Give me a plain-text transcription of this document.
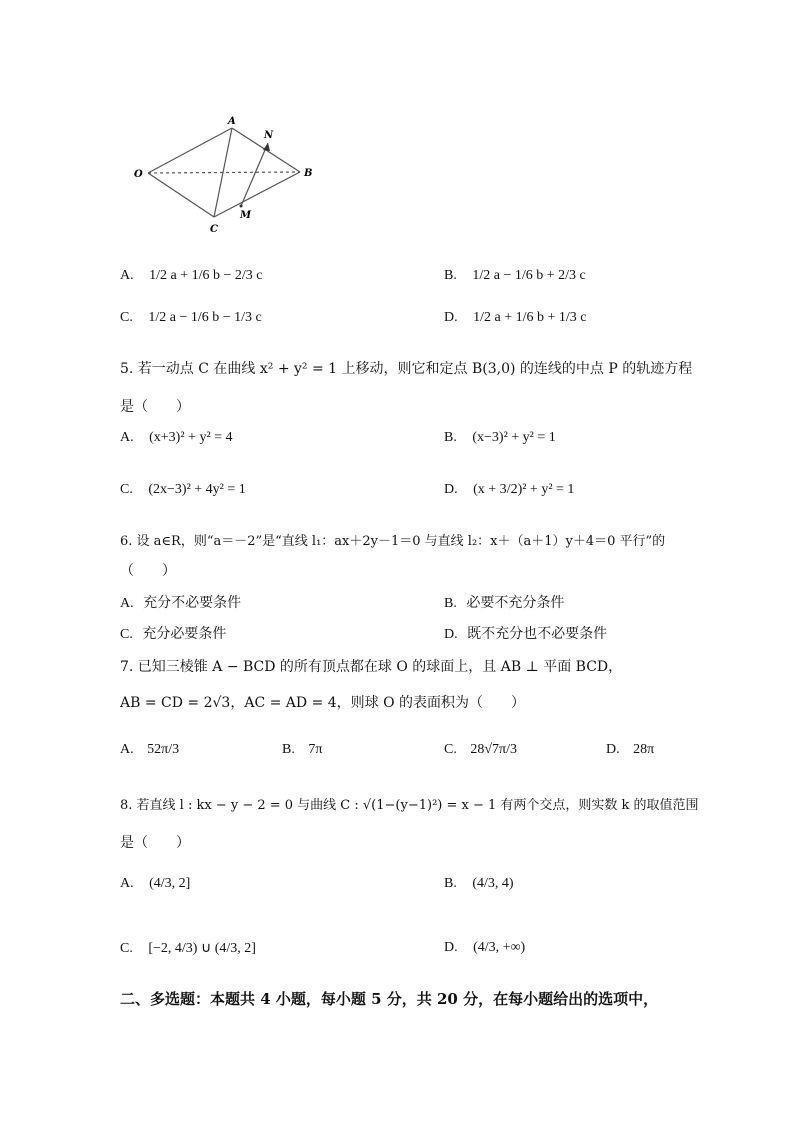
O
A
B
C
M
N
A. 1/2 a + 1/6 b − 2/3 c	B. 1/2 a − 1/6 b + 2/3 c
C. 1/2 a − 1/6 b − 1/3 c	D. 1/2 a + 1/6 b + 1/3 c
5. 若一动点 C 在曲线 x² + y² = 1 上移动，则它和定点 B(3,0) 的连线的中点 P 的轨迹方程
是（　　）
A. (x+3)² + y² = 4	B. (x−3)² + y² = 1
C. (2x−3)² + 4y² = 1	D. (x + 3/2)² + y² = 1
6. 设 a∈R，则“a＝－2”是“直线 l₁：ax＋2y－1＝0 与直线 l₂：x＋（a＋1）y＋4＝0 平行”的
（　　）
A. 充分不必要条件	B. 必要不充分条件
C. 充分必要条件	D. 既不充分也不必要条件
7. 已知三棱锥 A − BCD 的所有顶点都在球 O 的球面上，且 AB ⊥ 平面 BCD，
AB = CD = 2√3，AC = AD = 4，则球 O 的表面积为（　　）
A. 52π/3	B. 7π	C. 28√7π/3	D. 28π
8. 若直线 l : kx − y − 2 = 0 与曲线 C : √(1−(y−1)²) = x − 1 有两个交点，则实数 k 的取值范围
是（　　）
A. (4/3, 2]	B. (4/3, 4)
C. [−2, 4/3) ∪ (4/3, 2]	D. (4/3, +∞)
二、多选题：本题共 4 小题，每小题 5 分，共 20 分，在每小题给出的选项中，
